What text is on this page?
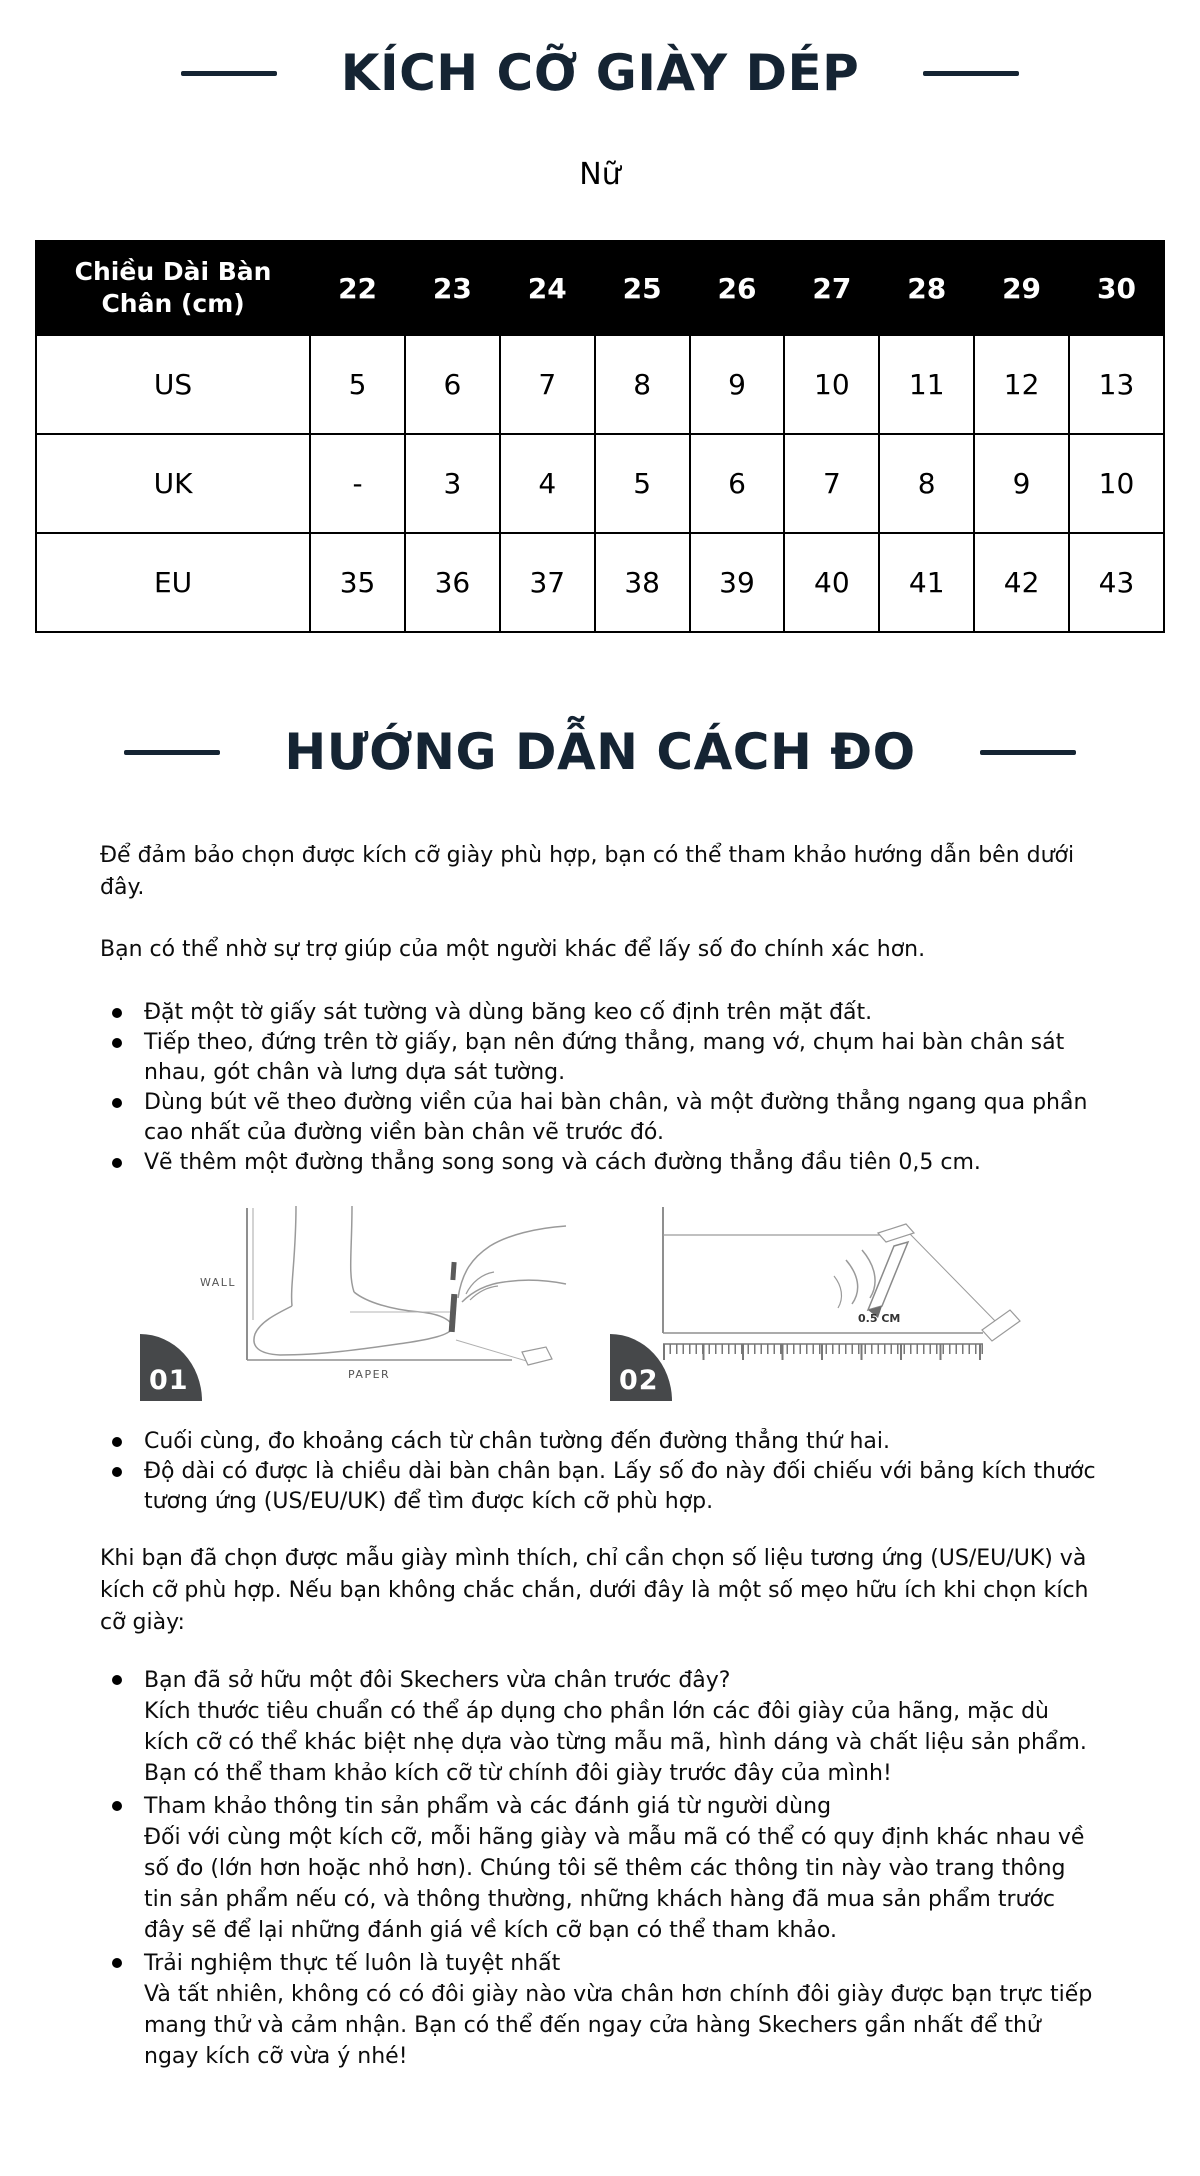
KÍCH CỠ GIÀY DÉP
Nữ
Chiều Dài Bàn Chân (cm)	22	23	24	25	26	27	28	29	30
US	5	6	7	8	9	10	11	12	13
UK	-	3	4	5	6	7	8	9	10
EU	35	36	37	38	39	40	41	42	43
HƯỚNG DẪN CÁCH ĐO

Để đảm bảo chọn được kích cỡ giày phù hợp, bạn có thể tham khảo hướng dẫn bên dưới đây.

Bạn có thể nhờ sự trợ giúp của một người khác để lấy số đo chính xác hơn.

Đặt một tờ giấy sát tường và dùng băng keo cố định trên mặt đất.
Tiếp theo, đứng trên tờ giấy, bạn nên đứng thẳng, mang vớ, chụm hai bàn chân sát nhau, gót chân và lưng dựa sát tường.
Dùng bút vẽ theo đường viền của hai bàn chân, và một đường thẳng ngang qua phần cao nhất của đường viền bàn chân vẽ trước đó.
Vẽ thêm một đường thẳng song song và cách đường thẳng đầu tiên 0,5 cm.
WALL
PAPER
01
0.5 CM
02
Cuối cùng, đo khoảng cách từ chân tường đến đường thẳng thứ hai.
Độ dài có được là chiều dài bàn chân bạn. Lấy số đo này đối chiếu với bảng kích thước tương ứng (US/EU/UK) để tìm được kích cỡ phù hợp.

Khi bạn đã chọn được mẫu giày mình thích, chỉ cần chọn số liệu tương ứng (US/EU/UK) và kích cỡ phù hợp. Nếu bạn không chắc chắn, dưới đây là một số mẹo hữu ích khi chọn kích cỡ giày:

Bạn đã sở hữu một đôi Skechers vừa chân trước đây?
Kích thước tiêu chuẩn có thể áp dụng cho phần lớn các đôi giày của hãng, mặc dù kích cỡ có thể khác biệt nhẹ dựa vào từng mẫu mã, hình dáng và chất liệu sản phẩm. Bạn có thể tham khảo kích cỡ từ chính đôi giày trước đây của mình!
Tham khảo thông tin sản phẩm và các đánh giá từ người dùng
Đối với cùng một kích cỡ, mỗi hãng giày và mẫu mã có thể có quy định khác nhau về số đo (lớn hơn hoặc nhỏ hơn). Chúng tôi sẽ thêm các thông tin này vào trang thông tin sản phẩm nếu có, và thông thường, những khách hàng đã mua sản phẩm trước đây sẽ để lại những đánh giá về kích cỡ bạn có thể tham khảo.
Trải nghiệm thực tế luôn là tuyệt nhất
Và tất nhiên, không có có đôi giày nào vừa chân hơn chính đôi giày được bạn trực tiếp mang thử và cảm nhận. Bạn có thể đến ngay cửa hàng Skechers gần nhất để thử ngay kích cỡ vừa ý nhé!
